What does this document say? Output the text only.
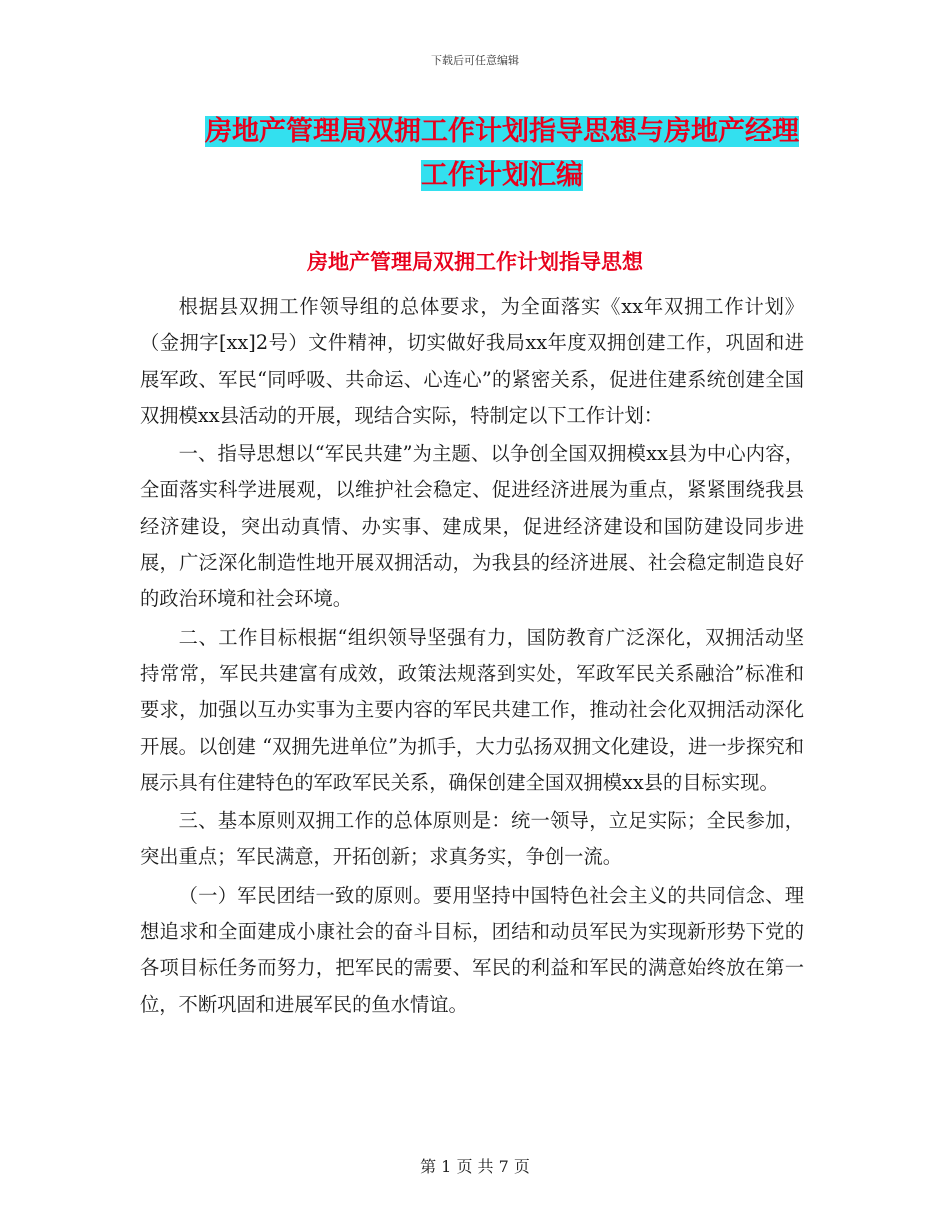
下载后可任意编辑
房地产管理局双拥工作计划指导思想与房地产经理工作计划汇编
房地产管理局双拥工作计划指导思想

根据县双拥工作领导组的总体要求，为全面落实《xx年双拥工作计划》（金拥字[xx]2号）文件精神，切实做好我局xx年度双拥创建工作，巩固和进展军政、军民“同呼吸、共命运、心连心”的紧密关系，促进住建系统创建全国双拥模xx县活动的开展，现结合实际，特制定以下工作计划：

一、指导思想以“军民共建”为主题、以争创全国双拥模xx县为中心内容，全面落实科学进展观，以维护社会稳定、促进经济进展为重点，紧紧围绕我县经济建设，突出动真情、办实事、建成果，促进经济建设和国防建设同步进展，广泛深化制造性地开展双拥活动，为我县的经济进展、社会稳定制造良好的政治环境和社会环境。

二、工作目标根据“组织领导坚强有力，国防教育广泛深化，双拥活动坚持常常，军民共建富有成效，政策法规落到实处，军政军民关系融洽”标准和要求，加强以互办实事为主要内容的军民共建工作，推动社会化双拥活动深化开展。以创建 “双拥先进单位”为抓手，大力弘扬双拥文化建设，进一步探究和展示具有住建特色的军政军民关系，确保创建全国双拥模xx县的目标实现。

三、基本原则双拥工作的总体原则是：统一领导，立足实际；全民参加，突出重点；军民满意，开拓创新；求真务实，争创一流。

（一）军民团结一致的原则。要用坚持中国特色社会主义的共同信念、理想追求和全面建成小康社会的奋斗目标，团结和动员军民为实现新形势下党的各项目标任务而努力，把军民的需要、军民的利益和军民的满意始终放在第一位，不断巩固和进展军民的鱼水情谊。

第 1 页 共 7 页
